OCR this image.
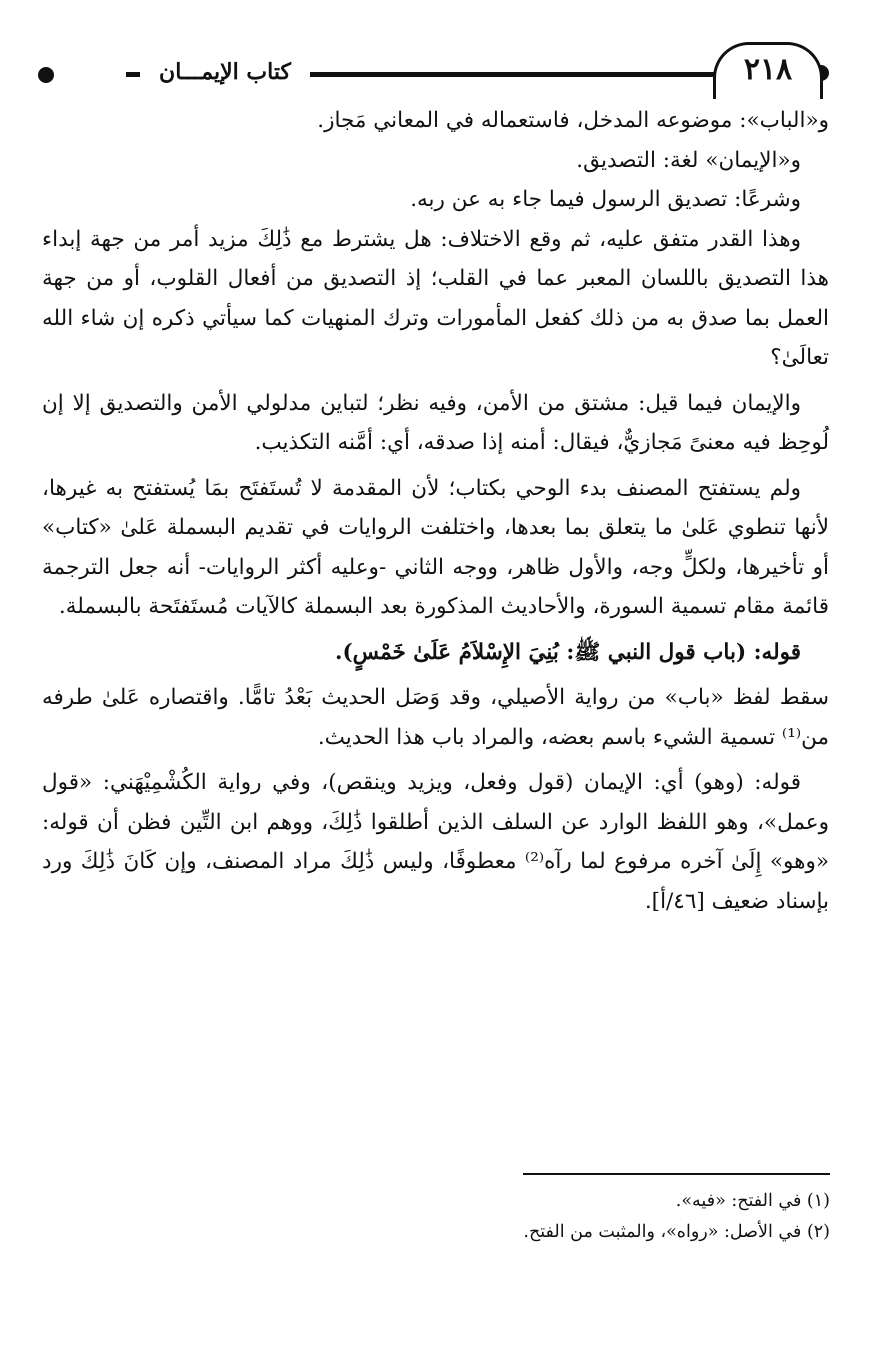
كتاب الإيمـــان	٢١٨

و«الباب»: موضوعه المدخل، فاستعماله في المعاني مَجاز.

و«الإيمان» لغة: التصديق.

وشرعًا: تصديق الرسول فيما جاء به عن ربه.

وهذا القدر متفق عليه، ثم وقع الاختلاف: هل يشترط مع ذَٰلِكَ مزيد أمر من جهة إبداء هذا التصديق باللسان المعبر عما في القلب؛ إذ التصديق من أفعال القلوب، أو من جهة العمل بما صدق به من ذلك كفعل المأمورات وترك المنهيات كما سيأتي ذكره إن شاء الله تعالَىٰ؟

والإيمان فيما قيل: مشتق من الأمن، وفيه نظر؛ لتباين مدلولي الأمن والتصديق إلا إن لُوحِظ فيه معنىً مَجازيٌّ، فيقال: أمنه إذا صدقه، أي: أمَّنه التكذيب.

ولم يستفتح المصنف بدء الوحي بكتاب؛ لأن المقدمة لا تُستَفتَح بمَا يُستفتح به غيرها، لأنها تنطوي عَلىٰ ما يتعلق بما بعدها، واختلفت الروايات في تقديم البسملة عَلىٰ «كتاب» أو تأخيرها، ولكلٍّ وجه، والأول ظاهر، ووجه الثاني -وعليه أكثر الروايات- أنه جعل الترجمة قائمة مقام تسمية السورة، والأحاديث المذكورة بعد البسملة كالآيات مُستَفتَحة بالبسملة.

قوله: (باب قول النبي ﷺ: بُنِيَ الإِسْلاَمُ عَلَىٰ خَمْسٍ).

سقط لفظ «باب» من رواية الأصيلي، وقد وَصَل الحديث بَعْدُ تامًّا. واقتصاره عَلىٰ طرفه من⁽¹⁾ تسمية الشيء باسم بعضه، والمراد باب هذا الحديث.

قوله: (وهو) أي: الإيمان (قول وفعل، ويزيد وينقص)، وفي رواية الكُشْمِيْهَني: «قول وعمل»، وهو اللفظ الوارد عن السلف الذين أطلقوا ذَٰلِكَ، ووهم ابن التِّين فظن أن قوله: «وهو» إِلَىٰ آخره مرفوع لما رآه⁽²⁾ معطوفًا، وليس ذَٰلِكَ مراد المصنف، وإن كَانَ ذَٰلِكَ ورد بإسناد ضعيف [٤٦/أ].

(١) في الفتح: «فيه».

(٢) في الأصل: «رواه»، والمثبت من الفتح.
